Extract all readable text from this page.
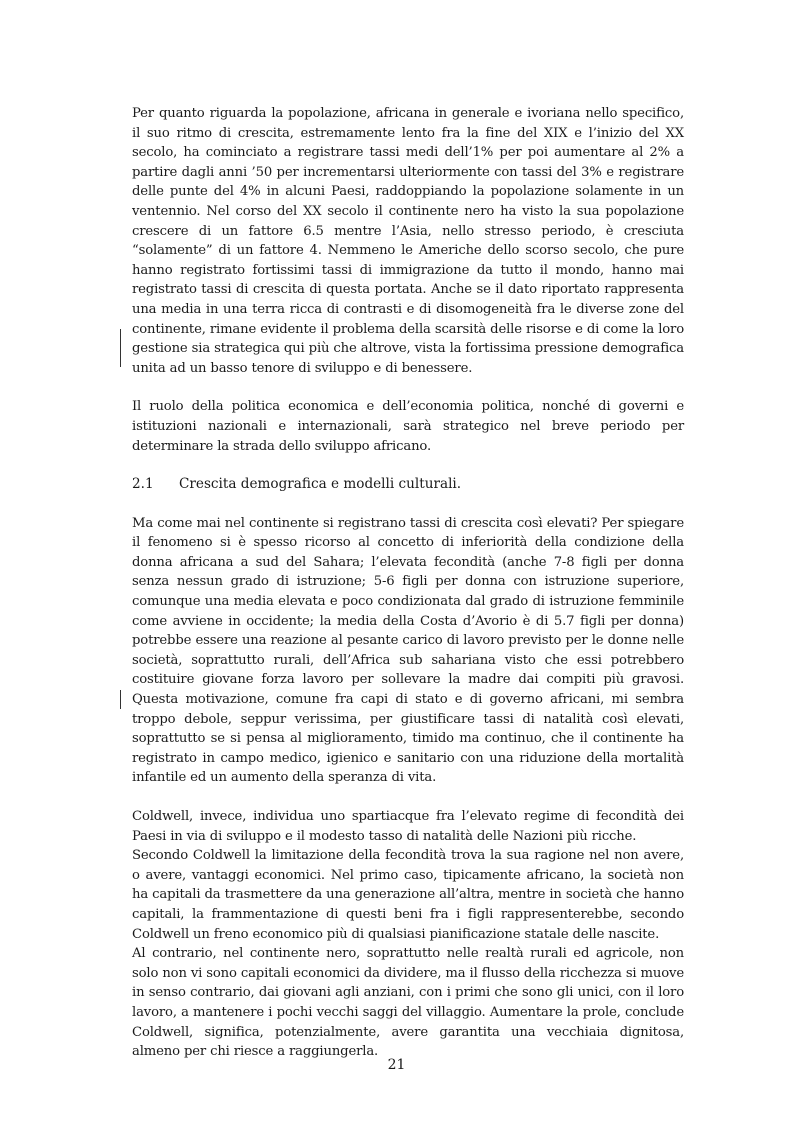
Per quanto riguarda la popolazione, africana in generale e ivoriana nello specifico, il suo ritmo di crescita, estremamente lento fra la fine del XIX e l’inizio del XX secolo, ha cominciato a registrare tassi medi dell’1% per poi aumentare al 2% a partire dagli anni ’50 per incrementarsi ulteriormente con tassi del 3% e registrare delle punte del 4% in alcuni Paesi, raddoppiando la popolazione solamente in un ventennio. Nel corso del XX secolo il continente nero ha visto la sua popolazione crescere di un fattore 6.5 mentre l’Asia, nello stresso periodo, è cresciuta “solamente” di un fattore 4. Nemmeno le Americhe dello scorso secolo, che pure hanno registrato fortissimi tassi di immigrazione da tutto il mondo, hanno mai registrato tassi di crescita di questa portata. Anche se il dato riportato rappresenta una media in una terra ricca di contrasti e di disomogeneità fra le diverse zone del continente, rimane evidente il problema della scarsità delle risorse e di come la loro gestione sia strategica qui più che altrove, vista la fortissima pressione demografica unita ad un basso tenore di sviluppo e di benessere.

Il ruolo della politica economica e dell’economia politica, nonché di governi e istituzioni nazionali e internazionali, sarà strategico nel breve periodo per determinare la strada dello sviluppo africano.

2.1	Crescita demografica e modelli culturali.

Ma come mai nel continente si registrano tassi di crescita così elevati? Per spiegare il fenomeno si è spesso ricorso al concetto di inferiorità della condizione della donna africana a sud del Sahara; l’elevata fecondità (anche 7-8 figli per donna senza nessun grado di istruzione; 5-6 figli per donna con istruzione superiore, comunque una media elevata e poco condizionata dal grado di istruzione femminile come avviene in occidente; la media della Costa d’Avorio è di 5.7 figli per donna) potrebbe essere una reazione al pesante carico di lavoro previsto per le donne nelle società, soprattutto rurali, dell’Africa sub sahariana visto che essi potrebbero costituire giovane forza lavoro per sollevare la madre dai compiti più gravosi. Questa motivazione, comune fra capi di stato e di governo africani, mi sembra troppo debole, seppur verissima, per giustificare tassi di natalità così elevati, soprattutto se si pensa al miglioramento, timido ma continuo, che il continente ha registrato in campo medico, igienico e sanitario con una riduzione della mortalità infantile ed un aumento della speranza di vita.

Coldwell, invece, individua uno spartiacque fra l’elevato regime di fecondità dei Paesi in via di sviluppo e il modesto tasso di natalità delle Nazioni più ricche.

Secondo Coldwell la limitazione della fecondità trova la sua ragione nel non avere, o avere, vantaggi economici. Nel primo caso, tipicamente africano, la società non ha capitali da trasmettere da una generazione all’altra, mentre in società che hanno capitali, la frammentazione di questi beni fra i figli rappresenterebbe, secondo Coldwell un freno economico più di qualsiasi pianificazione statale delle nascite.

Al contrario, nel continente nero, soprattutto nelle realtà rurali ed agricole, non solo non vi sono capitali economici da dividere, ma il flusso della ricchezza si muove in senso contrario, dai giovani agli anziani, con i primi che sono gli unici, con il loro lavoro, a mantenere i pochi vecchi saggi del villaggio. Aumentare la prole, conclude Coldwell, significa, potenzialmente, avere garantita una vecchiaia dignitosa, almeno per chi riesce a raggiungerla.

21
